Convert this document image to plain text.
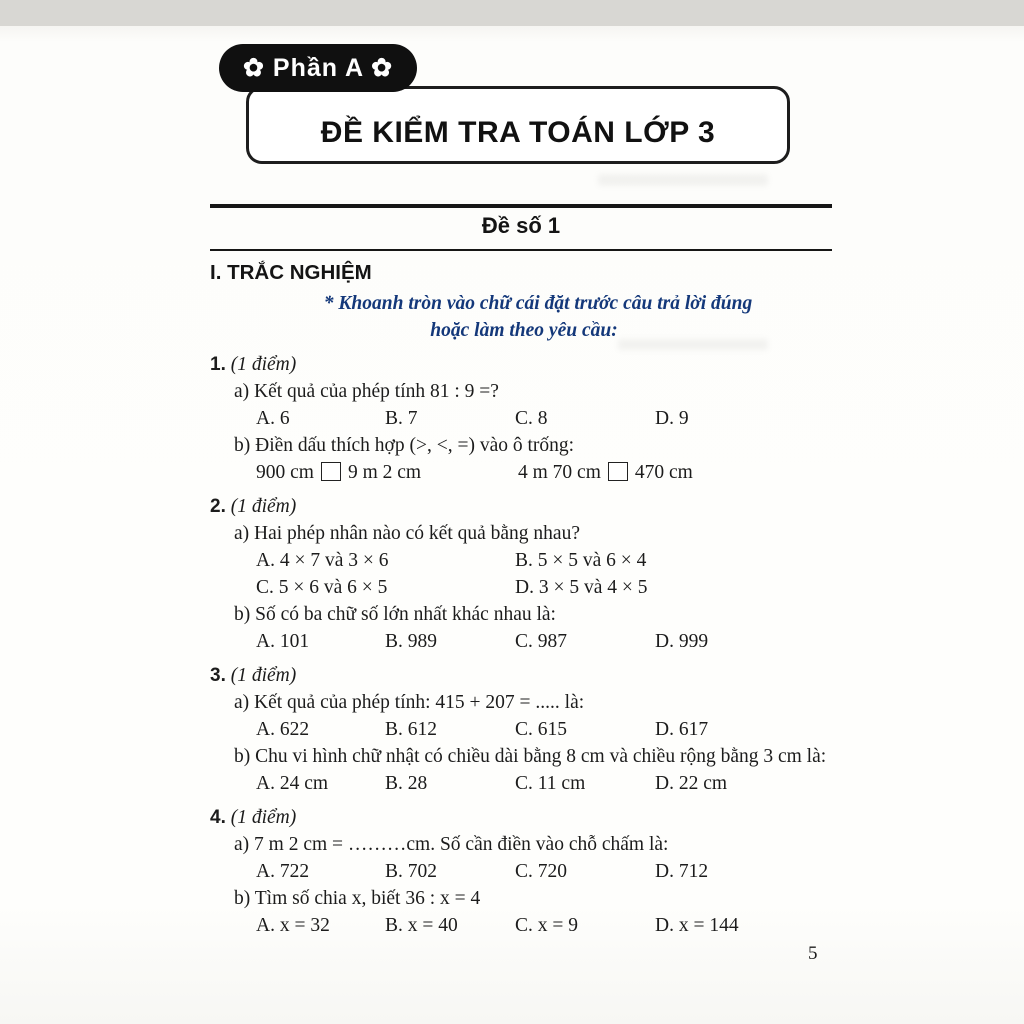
✿ Phần A ✿
ĐỀ KIỂM TRA TOÁN LỚP 3
Đề số 1
I. TRẮC NGHIỆM
* Khoanh tròn vào chữ cái đặt trước câu trả lời đúng
hoặc làm theo yêu cầu:
1. (1 điểm)
a) Kết quả của phép tính 81 : 9 =?
A. 6	B. 7	C. 8	D. 9
b) Điền dấu thích hợp (>, <, =) vào ô trống:
900 cm 9 m 2 cm	4 m 70 cm 470 cm
2. (1 điểm)
a) Hai phép nhân nào có kết quả bằng nhau?
A. 4 × 7 và 3 × 6	B. 5 × 5 và 6 × 4
C. 5 × 6 và 6 × 5	D. 3 × 5 và 4 × 5
b) Số có ba chữ số lớn nhất khác nhau là:
A. 101	B. 989	C. 987	D. 999
3. (1 điểm)
a) Kết quả của phép tính: 415 + 207 = ..... là:
A. 622	B. 612	C. 615	D. 617
b) Chu vi hình chữ nhật có chiều dài bằng 8 cm và chiều rộng bằng 3 cm là:
A. 24 cm	B. 28	C. 11 cm	D. 22 cm
4. (1 điểm)
a) 7 m 2 cm = ………cm. Số cần điền vào chỗ chấm là:
A. 722	B. 702	C. 720	D. 712
b) Tìm số chia x, biết 36 : x = 4
A. x = 32	B. x = 40	C. x = 9	D. x = 144
5
